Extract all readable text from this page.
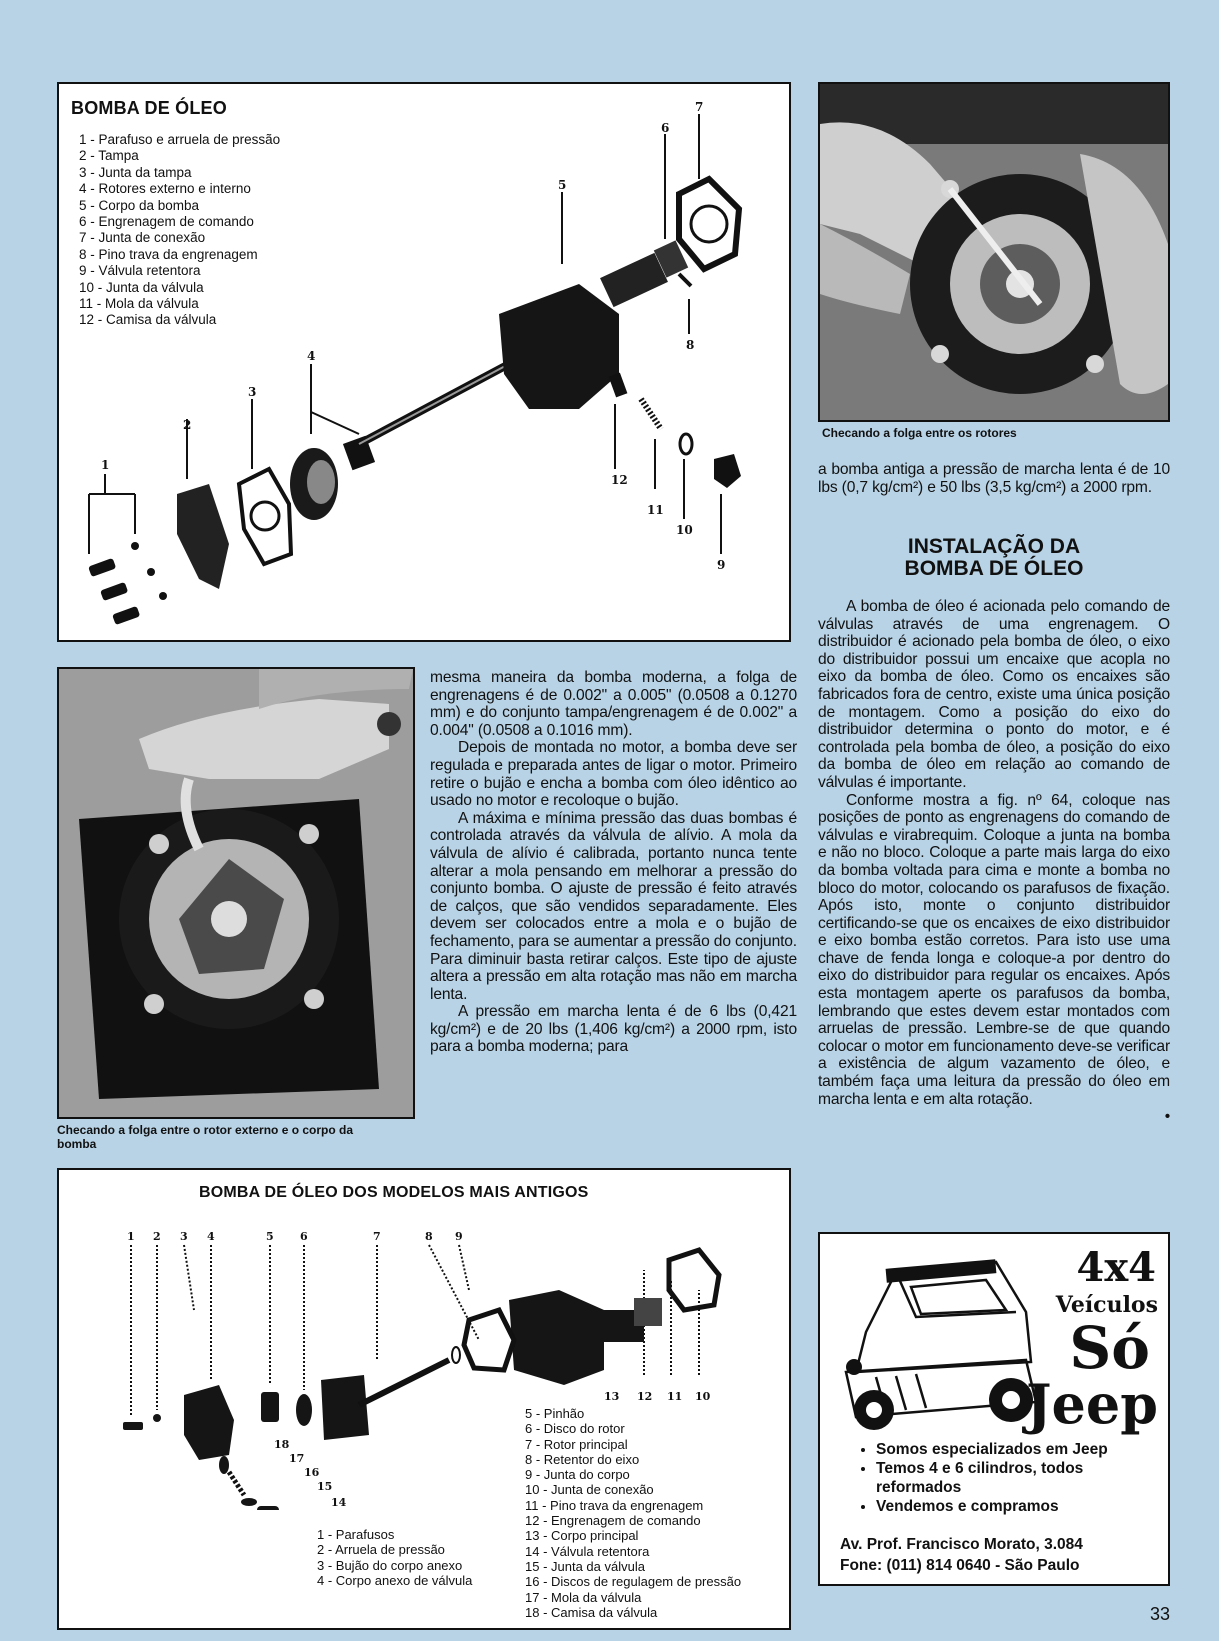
BOMBA DE ÓLEO
1 - Parafuso e arruela de pressão
2 - Tampa
3 - Junta da tampa
4 - Rotores externo e interno
5 - Corpo da bomba
6 - Engrenagem de comando
7 - Junta de conexão
8 - Pino trava da engrenagem
9 - Válvula retentora
10 - Junta da válvula
11 - Mola da válvula
12 - Camisa da válvula
1
2
3
4
5
6
7
8
9
10
11
12
Checando a folga entre os rotores
Checando a folga entre o rotor externo e o corpo da bomba

mesma maneira da bomba moderna, a folga de engrenagens é de 0.002" a 0.005" (0.0508 a 0.1270 mm) e do conjunto tampa/engrenagem é de 0.002" a 0.004" (0.0508 a 0.1016 mm).

Depois de montada no motor, a bomba deve ser regulada e preparada antes de ligar o motor. Primeiro retire o bujão e encha a bomba com óleo idêntico ao usado no motor e recoloque o bujão.

A máxima e mínima pressão das duas bombas é controlada através da válvula de alívio. A mola da válvula de alívio é calibrada, portanto nunca tente alterar a mola pensando em melhorar a pressão do conjunto bomba. O ajuste de pressão é feito através de calços, que são vendidos separadamente. Eles devem ser colocados entre a mola e o bujão de fechamento, para se aumentar a pressão do conjunto. Para diminuir basta retirar calços. Este tipo de ajuste altera a pressão em alta rotação mas não em marcha lenta.

A pressão em marcha lenta é de 6 lbs (0,421 kg/cm²) e de 20 lbs (1,406 kg/cm²) a 2000 rpm, isto para a bomba moderna; para

a bomba antiga a pressão de marcha lenta é de 10 lbs (0,7 kg/cm²) e 50 lbs (3,5 kg/cm²) a 2000 rpm.

INSTALAÇÃO DA
BOMBA DE ÓLEO

A bomba de óleo é acionada pelo comando de válvulas através de uma engrenagem. O distribuidor é acionado pela bomba de óleo, o eixo do distribuidor possui um encaixe que acopla no eixo da bomba de óleo. Como os encaixes são fabricados fora de centro, existe uma única posição de montagem. Como a posição do eixo do distribuidor determina o ponto do motor, e é controlada pela bomba de óleo, a posição do eixo da bomba de óleo em relação ao comando de válvulas é importante.

Conforme mostra a fig. nº 64, coloque nas posições de ponto as engrenagens do comando de válvulas e virabrequim. Coloque a junta na bomba e não no bloco. Coloque a parte mais larga do eixo da bomba voltada para cima e monte a bomba no bloco do motor, colocando os parafusos de fixação. Após isto, monte o conjunto distribuidor certificando-se que os encaixes de eixo distribuidor e eixo bomba estão corretos. Para isto use uma chave de fenda longa e coloque-a por dentro do eixo do distribuidor para regular os encaixes. Após esta montagem aperte os parafusos da bomba, lembrando que estes devem estar montados com arruelas de pressão. Lembre-se de que quando colocar o motor em funcionamento deve-se verificar a existência de algum vazamento de óleo, e também faça uma leitura da pressão do óleo em marcha lenta e em alta rotação.

•

BOMBA DE ÓLEO DOS MODELOS MAIS ANTIGOS
1 2 3 4	5 6	7	8 9
13 12 11 10
18
17
16
15
14
1 - Parafusos
2 - Arruela de pressão
3 - Bujão do corpo anexo
4 - Corpo anexo de válvula
5 - Pinhão
6 - Disco do rotor
7 - Rotor principal
8 - Retentor do eixo
9 - Junta do corpo
10 - Junta de conexão
11 - Pino trava da engrenagem
12 - Engrenagem de comando
13 - Corpo principal
14 - Válvula retentora
15 - Junta da válvula
16 - Discos de regulagem de pressão
17 - Mola da válvula
18 - Camisa da válvula
4x4
Veículos
Só
Jeep
• Somos especializados em Jeep
• Temos 4 e 6 cilindros, todos reformados
• Vendemos e compramos
Av. Prof. Francisco Morato, 3.084
Fone: (011) 814 0640 - São Paulo
33
